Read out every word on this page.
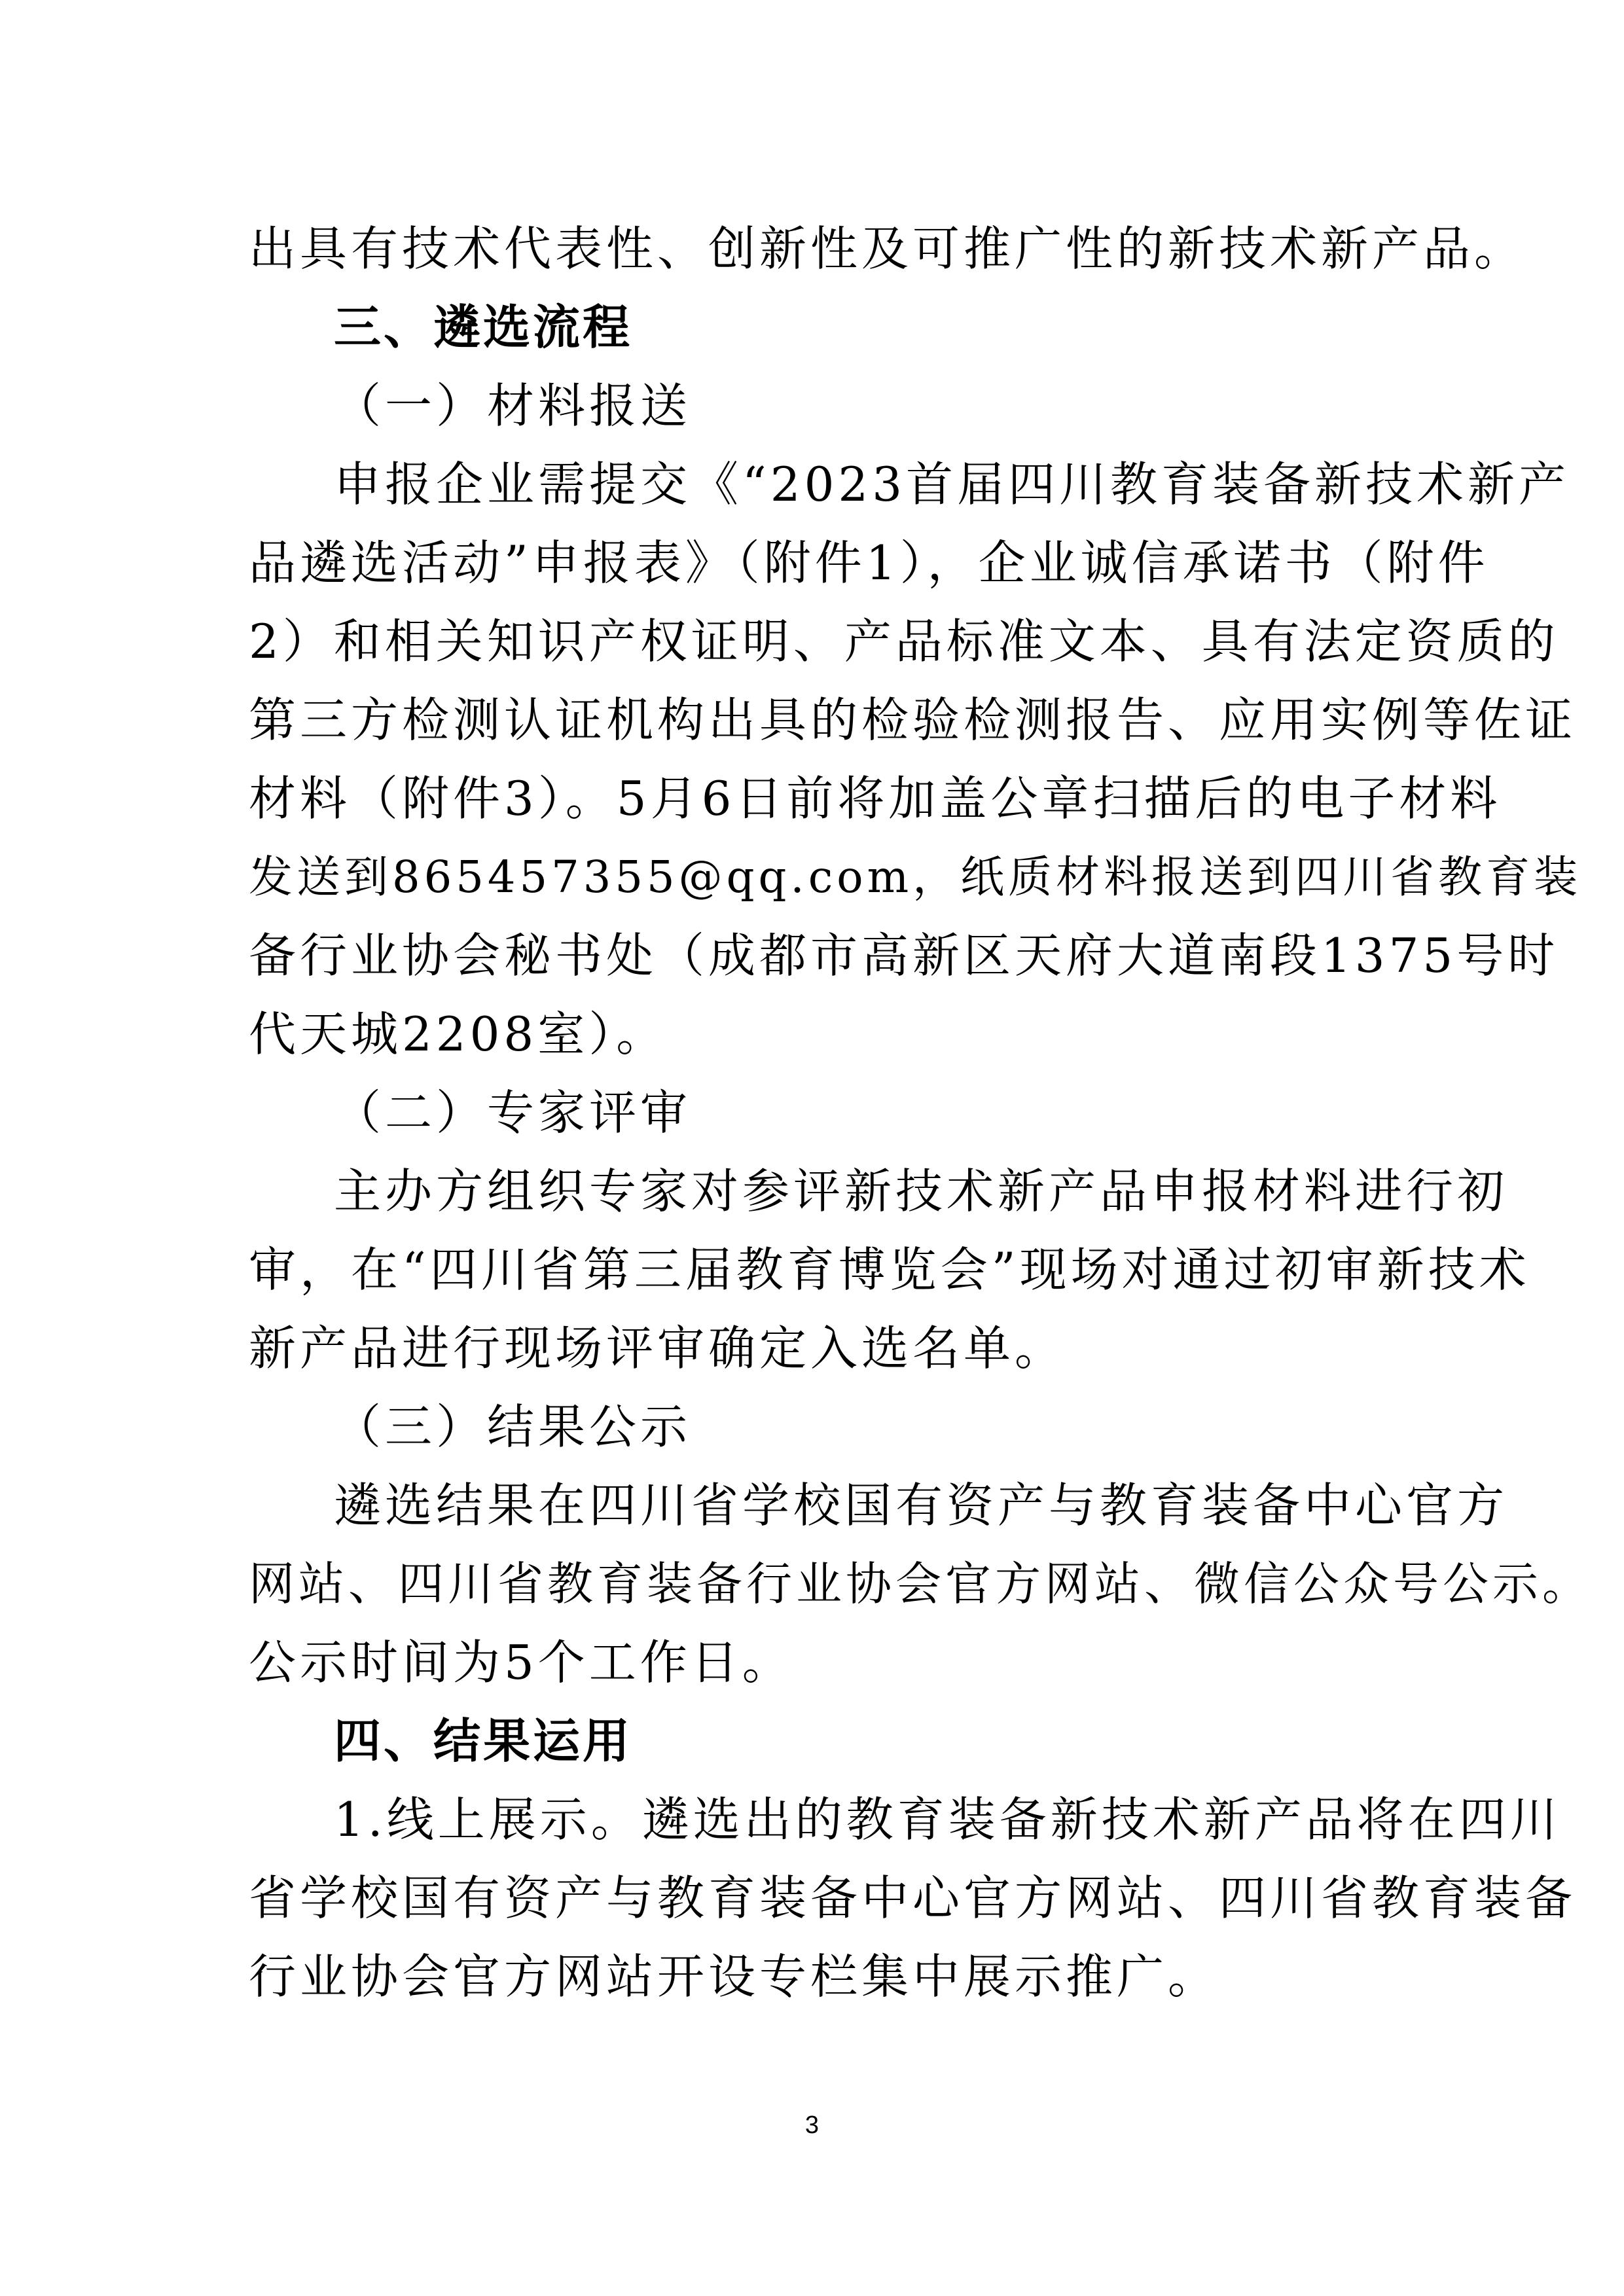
出具有技术代表性、创新性及可推广性的新技术新产品。
三、遴选流程
（一）材料报送
申报企业需提交《“2023首届四川教育装备新技术新产
品遴选活动”申报表》（附件1），企业诚信承诺书（附件
2）和相关知识产权证明、产品标准文本、具有法定资质的
第三方检测认证机构出具的检验检测报告、应用实例等佐证
材料（附件3）。5月6日前将加盖公章扫描后的电子材料
发送到865457355@qq.com，纸质材料报送到四川省教育装
备行业协会秘书处（成都市高新区天府大道南段1375号时
代天城2208室）。
（二）专家评审
主办方组织专家对参评新技术新产品申报材料进行初
审，在“四川省第三届教育博览会”现场对通过初审新技术
新产品进行现场评审确定入选名单。
（三）结果公示
遴选结果在四川省学校国有资产与教育装备中心官方
网站、四川省教育装备行业协会官方网站、微信公众号公示。
公示时间为5个工作日。
四、结果运用
1.线上展示。遴选出的教育装备新技术新产品将在四川
省学校国有资产与教育装备中心官方网站、四川省教育装备
行业协会官方网站开设专栏集中展示推广。
3
